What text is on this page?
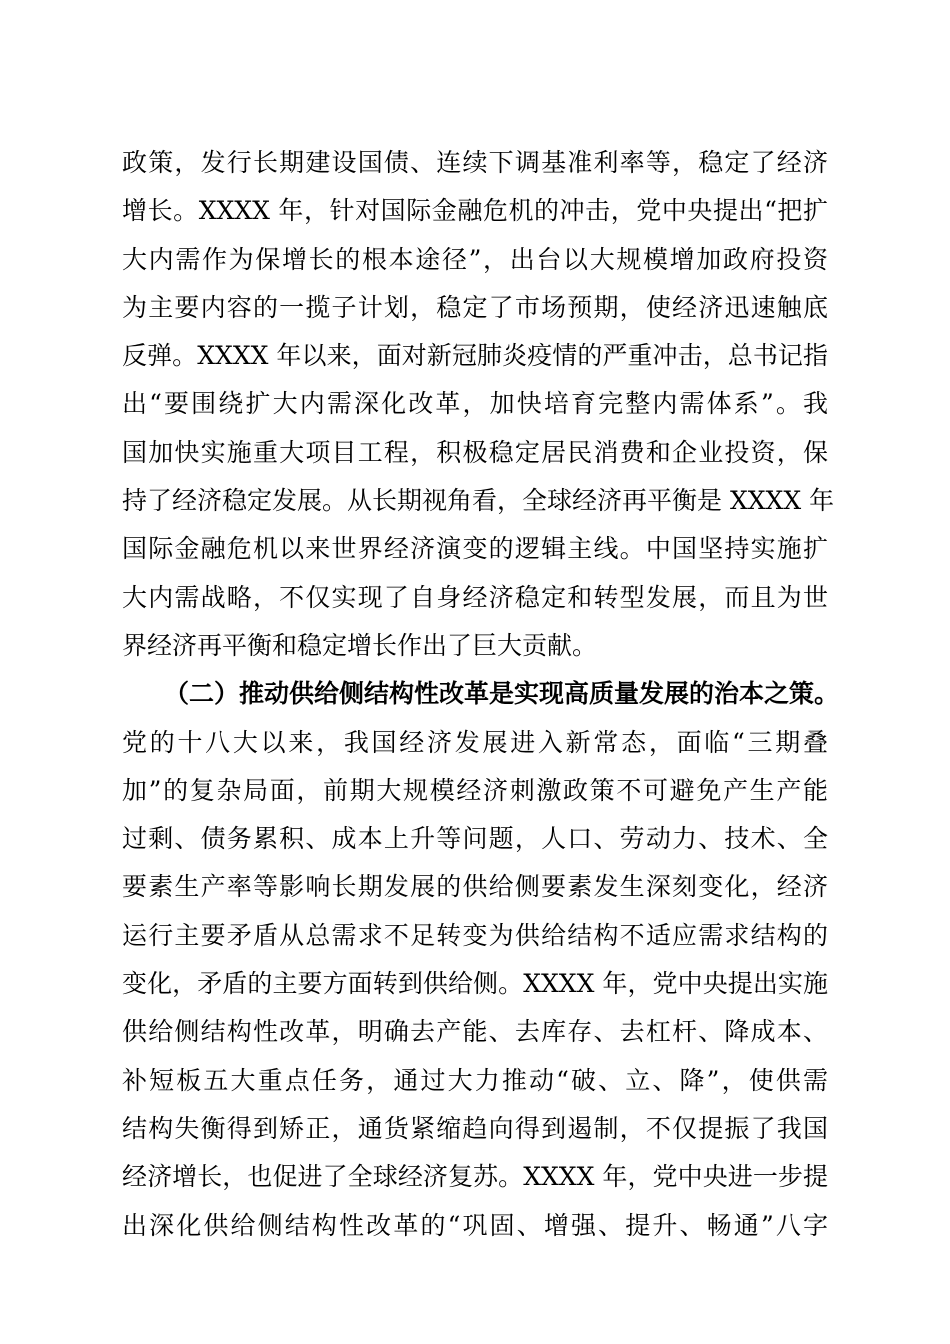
政策，发行长期建设国债、连续下调基准利率等，稳定了经济
增长。XXXX 年，针对国际金融危机的冲击，党中央提出“把扩
大内需作为保增长的根本途径”，出台以大规模增加政府投资
为主要内容的一揽子计划，稳定了市场预期，使经济迅速触底
反弹。XXXX 年以来，面对新冠肺炎疫情的严重冲击，总书记指
出“要围绕扩大内需深化改革，加快培育完整内需体系”。我
国加快实施重大项目工程，积极稳定居民消费和企业投资，保
持了经济稳定发展。从长期视角看，全球经济再平衡是 XXXX 年
国际金融危机以来世界经济演变的逻辑主线。中国坚持实施扩
大内需战略，不仅实现了自身经济稳定和转型发展，而且为世
界经济再平衡和稳定增长作出了巨大贡献。
（二）推动供给侧结构性改革是实现高质量发展的治本之策。
党的十八大以来，我国经济发展进入新常态，面临“三期叠
加”的复杂局面，前期大规模经济刺激政策不可避免产生产能
过剩、债务累积、成本上升等问题，人口、劳动力、技术、全
要素生产率等影响长期发展的供给侧要素发生深刻变化，经济
运行主要矛盾从总需求不足转变为供给结构不适应需求结构的
变化，矛盾的主要方面转到供给侧。XXXX 年，党中央提出实施
供给侧结构性改革，明确去产能、去库存、去杠杆、降成本、
补短板五大重点任务，通过大力推动“破、立、降”，使供需
结构失衡得到矫正，通货紧缩趋向得到遏制，不仅提振了我国
经济增长，也促进了全球经济复苏。XXXX 年，党中央进一步提
出深化供给侧结构性改革的“巩固、增强、提升、畅通”八字
